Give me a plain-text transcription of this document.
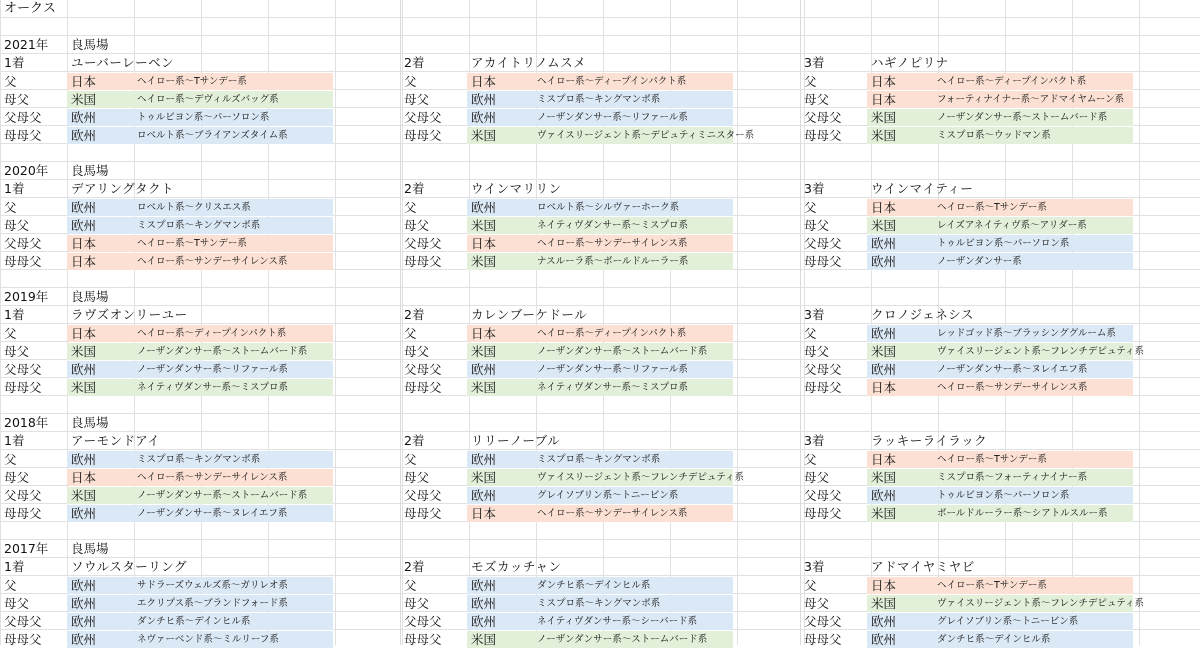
オークス
2021年 良馬場
1着	ユーバーレーベン
父	日本	ヘイロー系〜Tサンデー系
母父	米国	ヘイロー系〜デヴィルズバッグ系
父母父 欧州	トゥルビヨン系〜パーソロン系
母母父 欧州	ロベルト系〜ブライアンズタイム系
2着	アカイトリノムスメ
父	日本	ヘイロー系〜ディープインパクト系
母父	欧州	ミスプロ系〜キングマンボ系
父母父 欧州	ノーザンダンサー系〜リファール系
母母父 米国	ヴァイスリージェント系〜デピュティミニスター系
3着	ハギノピリナ
父	日本	ヘイロー系〜ディープインパクト系
母父	日本	フォーティナイナー系〜アドマイヤムーン系
父母父 米国	ノーザンダンサー系〜ストームバード系
母母父 米国	ミスプロ系〜ウッドマン系
2020年 良馬場
1着	デアリングタクト
父	欧州	ロベルト系〜クリスエス系
母父	欧州	ミスプロ系〜キングマンボ系
父母父 日本	ヘイロー系〜Tサンデー系
母母父 日本	ヘイロー系〜サンデーサイレンス系
2着	ウインマリリン
父	欧州	ロベルト系〜シルヴァーホーク系
母父	米国	ネイティヴダンサー系〜ミスプロ系
父母父 日本	ヘイロー系〜サンデーサイレンス系
母母父 米国	ナスルーラ系〜ボールドルーラー系
3着	ウインマイティー
父	日本	ヘイロー系〜Tサンデー系
母父	米国	レイズアネイティヴ系〜アリダー系
父母父 欧州	トゥルビヨン系〜パーソロン系
母母父 欧州	ノーザンダンサー系
2019年 良馬場
1着	ラヴズオンリーユー
父	日本	ヘイロー系〜ディープインパクト系
母父	米国	ノーザンダンサー系〜ストームバード系
父母父 欧州	ノーザンダンサー系〜リファール系
母母父 米国	ネイティヴダンサー系〜ミスプロ系
2着	カレンブーケドール
父	日本	ヘイロー系〜ディープインパクト系
母父	米国	ノーザンダンサー系〜ストームバード系
父母父 欧州	ノーザンダンサー系〜リファール系
母母父 米国	ネイティヴダンサー系〜ミスプロ系
3着	クロノジェネシス
父	欧州	レッドゴッド系〜ブラッシンググルーム系
母父	米国	ヴァイスリージェント系〜フレンチデピュティ系
父母父 欧州	ノーザンダンサー系〜ヌレイエフ系
母母父 日本	ヘイロー系〜サンデーサイレンス系
2018年 良馬場
1着	アーモンドアイ
父	欧州	ミスプロ系〜キングマンボ系
母父	日本	ヘイロー系〜サンデーサイレンス系
父母父 米国	ノーザンダンサー系〜ストームバード系
母母父 欧州	ノーザンダンサー系〜ヌレイエフ系
2着	リリーノーブル
父	欧州	ミスプロ系〜キングマンボ系
母父	米国	ヴァイスリージェント系〜フレンチデピュティ系
父母父 欧州	グレイソブリン系〜トニービン系
母母父 日本	ヘイロー系〜サンデーサイレンス系
3着	ラッキーライラック
父	日本	ヘイロー系〜Tサンデー系
母父	米国	ミスプロ系〜フォーティナイナー系
父母父 欧州	トゥルビヨン系〜パーソロン系
母母父 米国	ボールドルーラー系〜シアトルスルー系
2017年 良馬場
1着	ソウルスターリング
父	欧州	サドラーズウェルズ系〜ガリレオ系
母父	欧州	エクリプス系〜ブランドフォード系
父母父 欧州	ダンチヒ系〜デインヒル系
母母父 欧州	ネヴァーベンド系〜ミルリーフ系
2着	モズカッチャン
父	欧州	ダンチヒ系〜デインヒル系
母父	欧州	ミスプロ系〜キングマンボ系
父母父 欧州	ネイティヴダンサー系〜シーバード系
母母父 米国	ノーザンダンサー系〜ストームバード系
3着	アドマイヤミヤビ
父	日本	ヘイロー系〜Tサンデー系
母父	米国	ヴァイスリージェント系〜フレンチデピュティ系
父母父 欧州	グレイソブリン系〜トニービン系
母母父 欧州	ダンチヒ系〜デインヒル系
